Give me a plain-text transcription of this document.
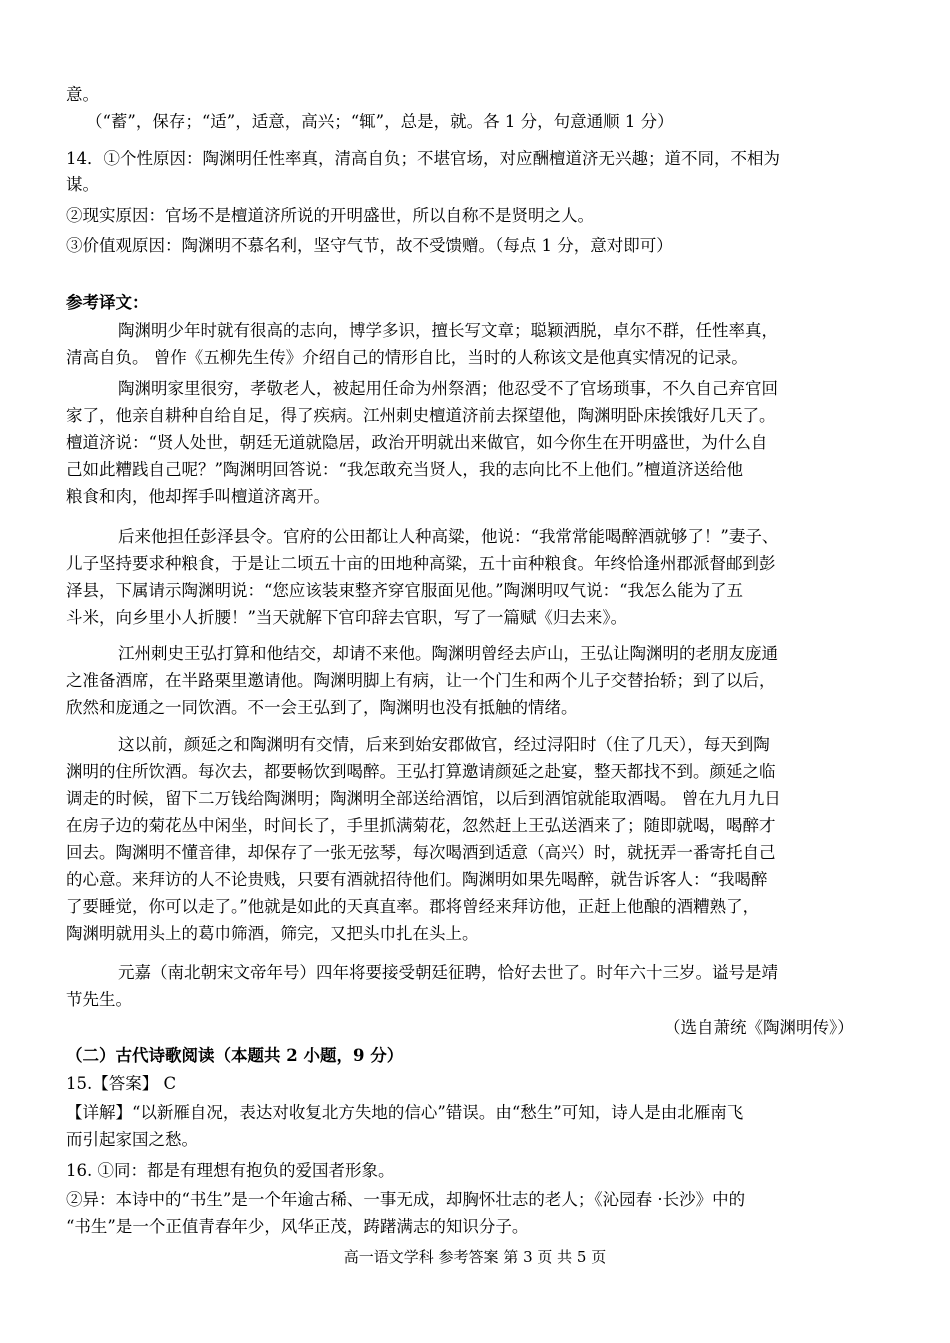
意。
（“蓄”，保存；“适”，适意，高兴；“辄”，总是，就。各 1 分，句意通顺 1 分）
14．①个性原因：陶渊明任性率真，清高自负；不堪官场，对应酬檀道济无兴趣；道不同，不相为
谋。
②现实原因：官场不是檀道济所说的开明盛世，所以自称不是贤明之人。
③价值观原因：陶渊明不慕名利，坚守气节，故不受馈赠。（每点 1 分，意对即可）
参考译文：
陶渊明少年时就有很高的志向，博学多识，擅长写文章；聪颖洒脱，卓尔不群，任性率真，
清高自负。 曾作《五柳先生传》介绍自己的情形自比，当时的人称该文是他真实情况的记录。
陶渊明家里很穷，孝敬老人，被起用任命为州祭酒；他忍受不了官场琐事，不久自己弃官回
家了，他亲自耕种自给自足，得了疾病。江州刺史檀道济前去探望他，陶渊明卧床挨饿好几天了。
檀道济说：“贤人处世，朝廷无道就隐居，政治开明就出来做官，如今你生在开明盛世，为什么自
己如此糟践自己呢？”陶渊明回答说：“我怎敢充当贤人，我的志向比不上他们。”檀道济送给他
粮食和肉，他却挥手叫檀道济离开。
后来他担任彭泽县令。官府的公田都让人种高粱，他说：“我常常能喝醉酒就够了！”妻子、
儿子坚持要求种粮食，于是让二顷五十亩的田地种高粱，五十亩种粮食。年终恰逢州郡派督邮到彭
泽县，下属请示陶渊明说：“您应该装束整齐穿官服面见他。”陶渊明叹气说：“我怎么能为了五
斗米，向乡里小人折腰！”当天就解下官印辞去官职，写了一篇赋《归去来》。
江州刺史王弘打算和他结交，却请不来他。陶渊明曾经去庐山，王弘让陶渊明的老朋友庞通
之准备酒席，在半路栗里邀请他。陶渊明脚上有病，让一个门生和两个儿子交替抬轿；到了以后，
欣然和庞通之一同饮酒。不一会王弘到了，陶渊明也没有抵触的情绪。
这以前，颜延之和陶渊明有交情，后来到始安郡做官，经过浔阳时（住了几天），每天到陶
渊明的住所饮酒。每次去，都要畅饮到喝醉。王弘打算邀请颜延之赴宴，整天都找不到。颜延之临
调走的时候，留下二万钱给陶渊明；陶渊明全部送给酒馆，以后到酒馆就能取酒喝。 曾在九月九日
在房子边的菊花丛中闲坐，时间长了，手里抓满菊花，忽然赶上王弘送酒来了；随即就喝，喝醉才
回去。陶渊明不懂音律，却保存了一张无弦琴，每次喝酒到适意（高兴）时，就抚弄一番寄托自己
的心意。来拜访的人不论贵贱，只要有酒就招待他们。陶渊明如果先喝醉，就告诉客人：“我喝醉
了要睡觉，你可以走了。”他就是如此的天真直率。郡将曾经来拜访他，正赶上他酿的酒糟熟了，
陶渊明就用头上的葛巾筛酒，筛完，又把头巾扎在头上。
元嘉（南北朝宋文帝年号）四年将要接受朝廷征聘，恰好去世了。时年六十三岁。谥号是靖
节先生。
（选自萧统《陶渊明传》）
（二）古代诗歌阅读（本题共 2 小题，9 分）
15.【答案】 C
【详解】“以新雁自况，表达对收复北方失地的信心”错误。由“愁生”可知，诗人是由北雁南飞
而引起家国之愁。
16. ①同：都是有理想有抱负的爱国者形象。
②异：本诗中的“书生”是一个年逾古稀、一事无成，却胸怀壮志的老人；《沁园春 ·长沙》中的
“书生”是一个正值青春年少，风华正茂，踌躇满志的知识分子。
高一语文学科 参考答案 第 3 页 共 5 页
